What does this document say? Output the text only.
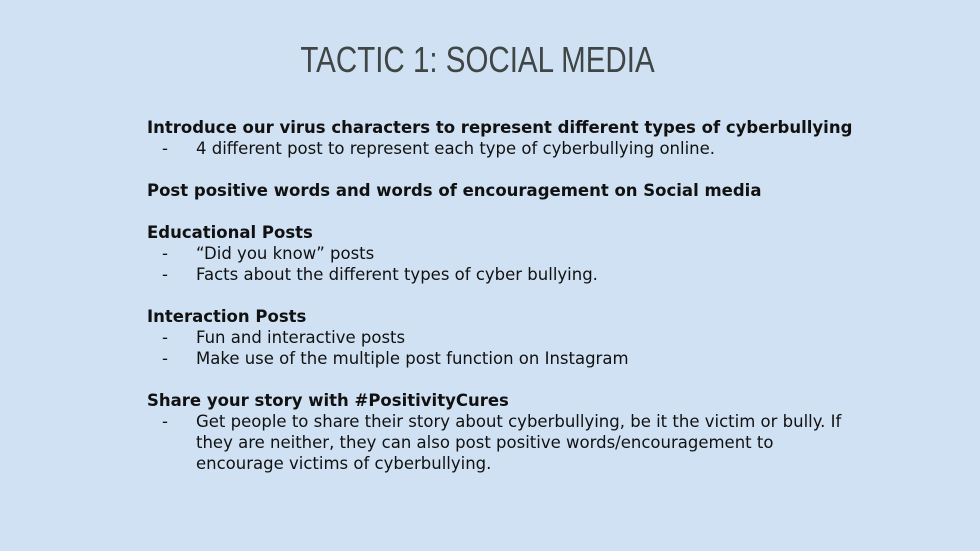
TACTIC 1: SOCIAL MEDIA
Introduce our virus characters to represent different types of cyberbullying
- 4 different post to represent each type of cyberbullying online.
Post positive words and words of encouragement on Social media
Educational Posts
- “Did you know” posts
- Facts about the different types of cyber bullying.
Interaction Posts
- Fun and interactive posts
- Make use of the multiple post function on Instagram
Share your story with #PositivityCures
- Get people to share their story about cyberbullying, be it the victim or bully. If they are neither, they can also post positive words/encouragement to encourage victims of cyberbullying.
